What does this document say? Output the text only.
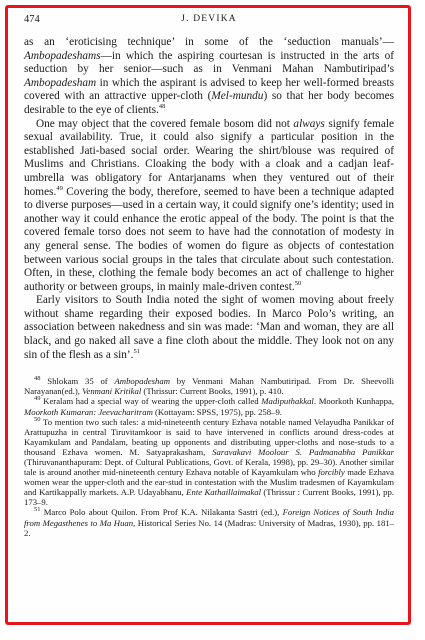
474	J. DEVIKA

as an ‘eroticising technique’ in some of the ‘seduction manuals’—Ambopadeshams—in which the aspiring courtesan is instructed in the arts of seduction by her senior—such as in Venmani Mahan Nambutiripad’s Ambopadesham in which the aspirant is advised to keep her well-formed breasts covered with an attractive upper-cloth (Mel-mundu) so that her body becomes desirable to the eye of clients.$^{48}$

One may object that the covered female bosom did not always signify female sexual availability. True, it could also signify a particular position in the established Jati-based social order. Wearing the shirt/blouse was required of Muslims and Christians. Cloaking the body with a cloak and a cadjan leaf-umbrella was obligatory for Antarjanams when they ventured out of their homes.$^{49}$ Covering the body, therefore, seemed to have been a technique adapted to diverse purposes—used in a certain way, it could signify one’s identity; used in another way it could enhance the erotic appeal of the body. The point is that the covered female torso does not seem to have had the connotation of modesty in any general sense. The bodies of women do figure as objects of contestation between various social groups in the tales that circulate about such contestation. Often, in these, clothing the female body becomes an act of challenge to higher authority or between groups, in mainly male-driven contest.$^{50}$

Early visitors to South India noted the sight of women moving about freely without shame regarding their exposed bodies. In Marco Polo’s writing, an association between nakedness and sin was made: ‘Man and woman, they are all black, and go naked all save a fine cloth about the middle. They look not on any sin of the flesh as a sin’.$^{51}$

$^{48}$ Shlokam 35 of Ambopadesham by Venmani Mahan Nambutiripad. From Dr. Sheevolli Narayanan(ed.), Venmani Kritikal (Thrissur: Current Books, 1991), p. 410.

$^{49}$ Keralam had a special way of wearing the upper-cloth called Madiputhakkal. Moorkoth Kunhappa, Moorkoth Kumaran: Jeevacharitram (Kottayam: SPSS, 1975), pp. 258–9.

$^{50}$ To mention two such tales: a mid-nineteenth century Ezhava notable named Velayudha Panikkar of Arattupuzha in central Tiruvitamkoor is said to have intervened in conflicts around dress-codes at Kayamkulam and Pandalam, beating up opponents and distributing upper-cloths and nose-studs to a thousand Ezhava women. M. Satyaprakasham, Saravakavi Moolour S. Padmanabha Panikkar (Thiruvananthapuram: Dept. of Cultural Publications, Govt. of Kerala, 1998), pp. 29–30). Another similar tale is around another mid-nineteenth century Ezhava notable of Kayamkulam who forcibly made Ezhava women wear the upper-cloth and the ear-stud in contestation with the Muslim tradesmen of Kayamkulam and Kartikappally markets. A.P. Udayabhanu, Ente Kathaillaimakal (Thrissur : Current Books, 1991), pp. 173–9.

$^{51}$ Marco Polo about Quilon. From Prof K.A. Nilakanta Sastri (ed.), Foreign Notices of South India from Megasthenes to Ma Huan, Historical Series No. 14 (Madras: University of Madras, 1930), pp. 181–2.
